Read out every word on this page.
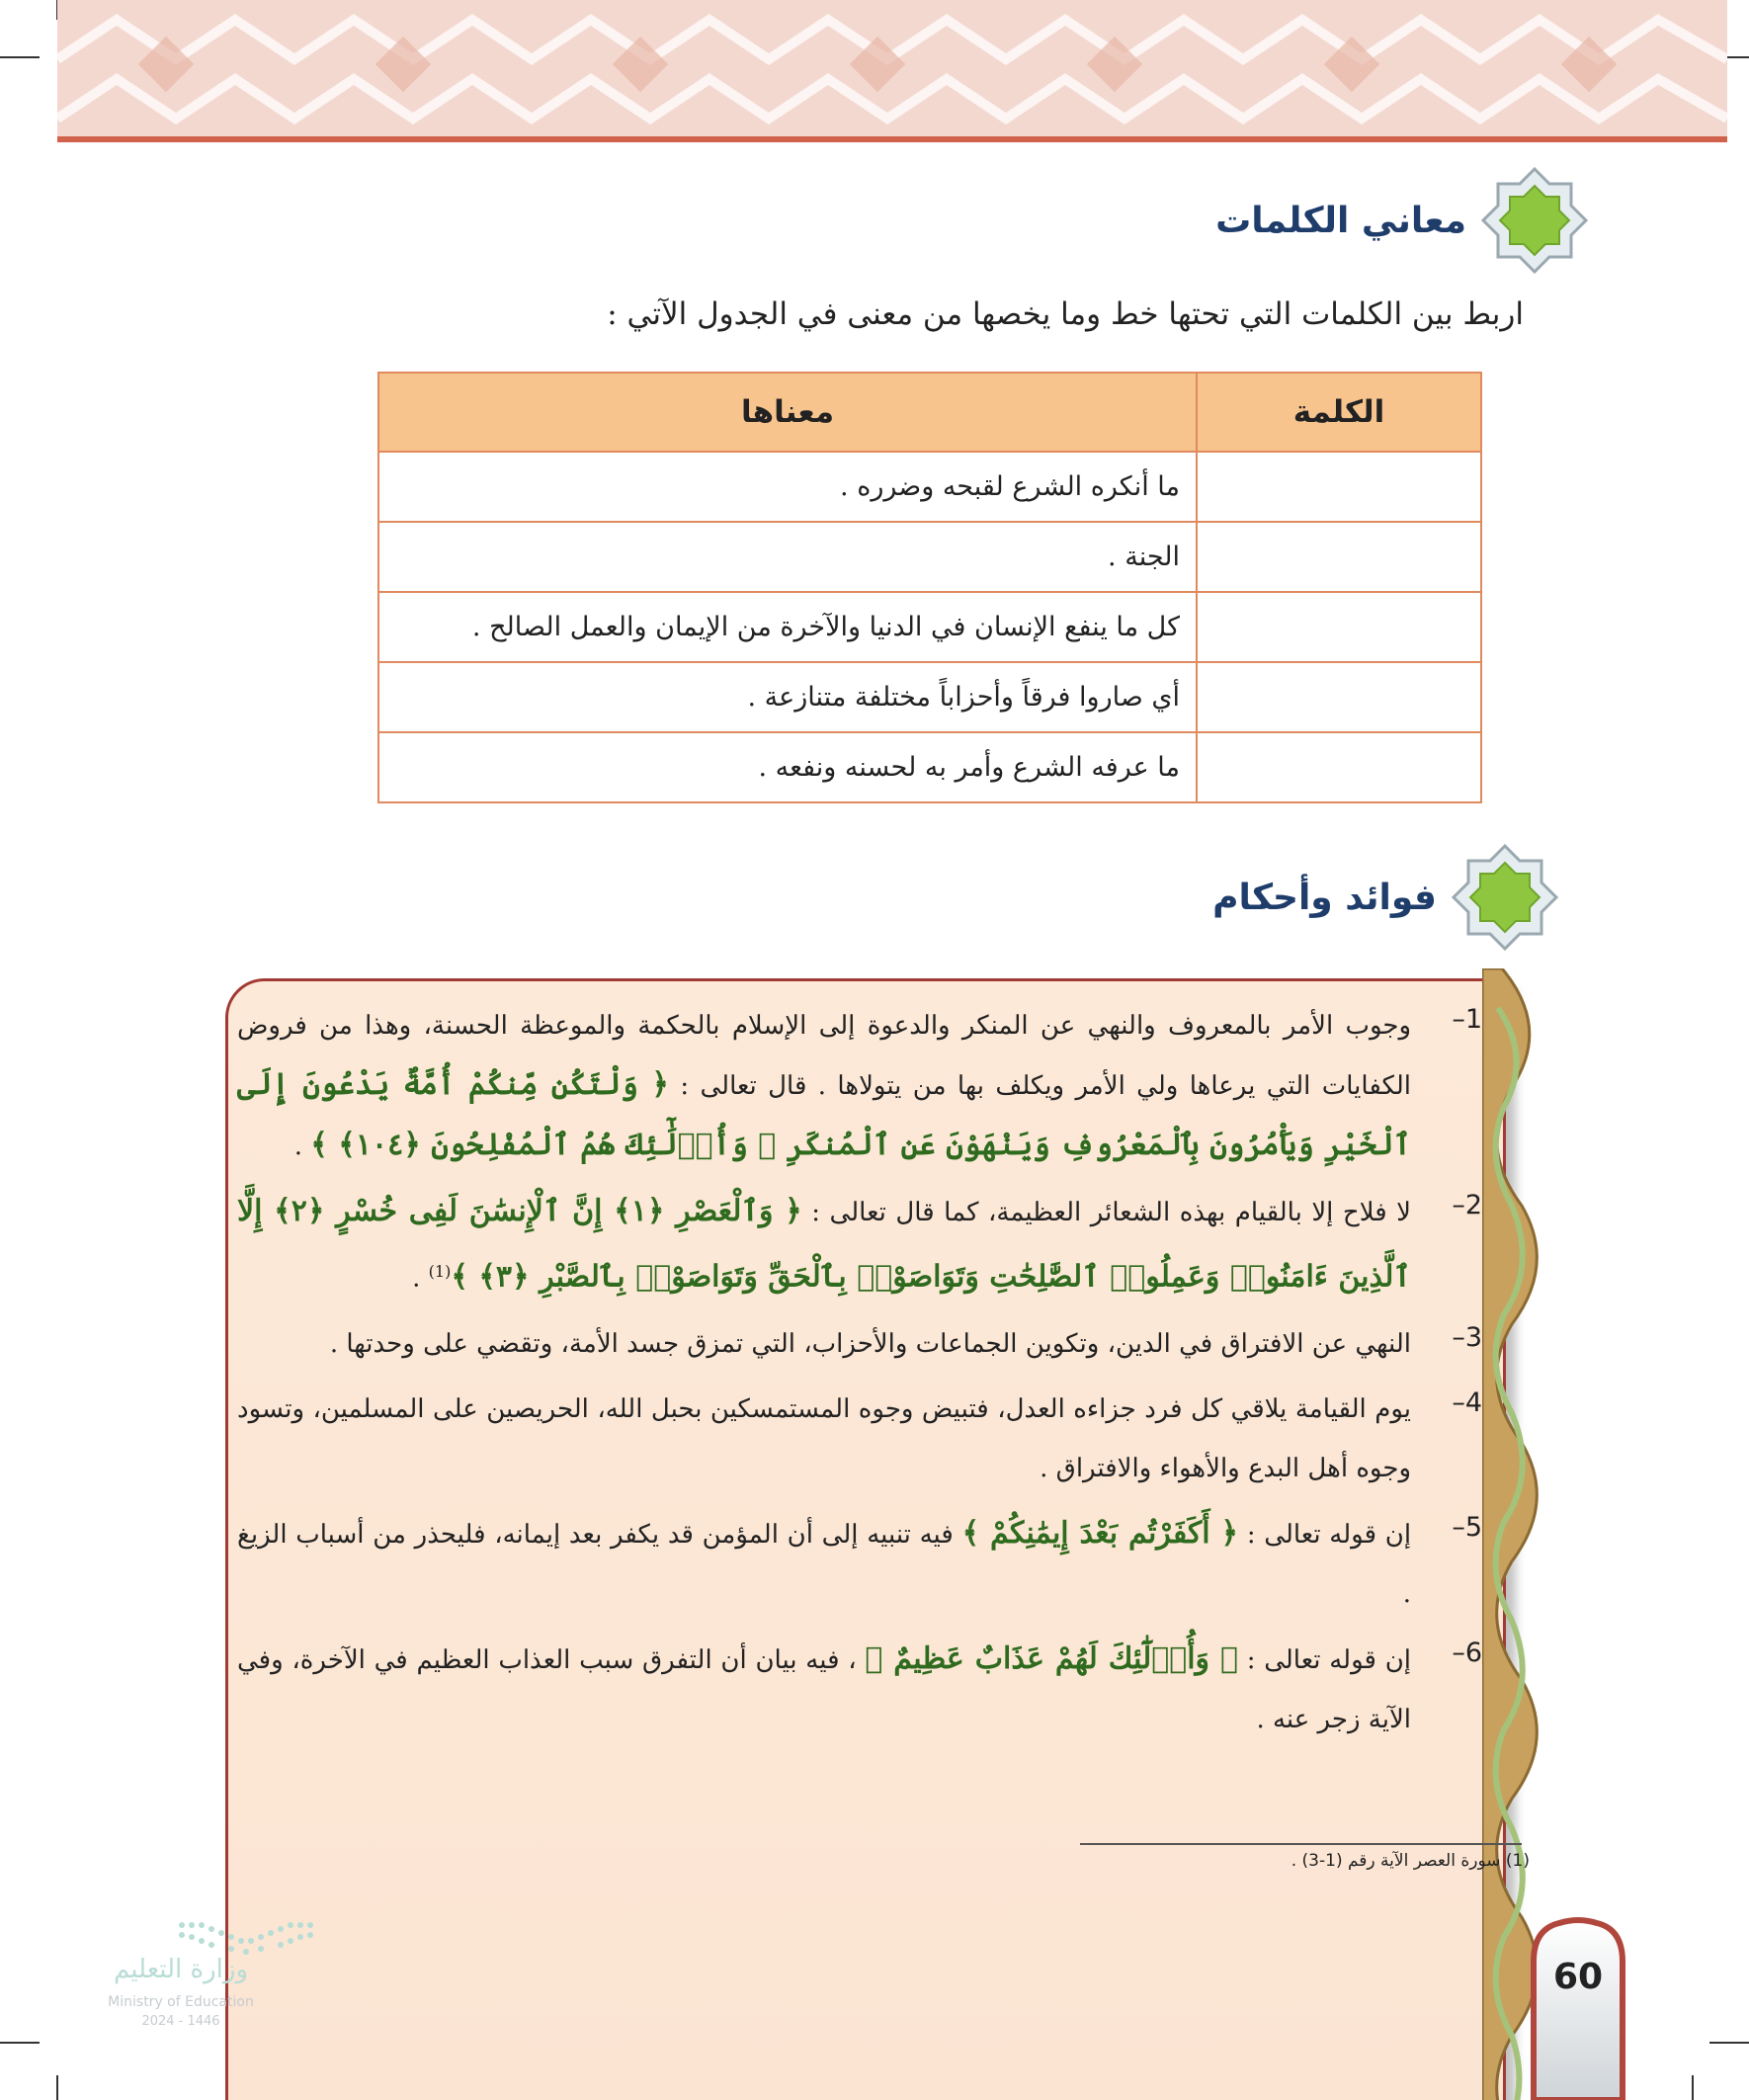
معاني الكلمات
اربط بين الكلمات التي تحتها خط وما يخصها من معنى في الجدول الآتي :
الكلمة	معناها
	ما أنكره الشرع لقبحه وضرره .
	الجنة .
	كل ما ينفع الإنسان في الدنيا والآخرة من الإيمان والعمل الصالح .
	أي صاروا فرقاً وأحزاباً مختلفة متنازعة .
	ما عرفه الشرع وأمر به لحسنه ونفعه .
فوائد وأحكام
1–
وجوب الأمر بالمعروف والنهي عن المنكر والدعوة إلى الإسلام بالحكمة والموعظة الحسنة، وهذا من فروض الكفايات التي يرعاها ولي الأمر ويكلف بها من يتولاها . قال تعالى : ﴿ وَلْتَكُن مِّنكُمْ أُمَّةٌ يَدْعُونَ إِلَى ٱلْخَيْرِ وَيَأْمُرُونَ بِٱلْمَعْرُوفِ وَيَنْهَوْنَ عَنِ ٱلْمُنكَرِ ۚ وَأُو۟لَٰٓئِكَ هُمُ ٱلْمُفْلِحُونَ ﴿١٠٤﴾ ﴾ .
2–
لا فلاح إلا بالقيام بهذه الشعائر العظيمة، كما قال تعالى : ﴿ وَٱلْعَصْرِ ﴿١﴾ إِنَّ ٱلْإِنسَٰنَ لَفِى خُسْرٍ ﴿٢﴾ إِلَّا ٱلَّذِينَ ءَامَنُوا۟ وَعَمِلُوا۟ ٱلصَّٰلِحَٰتِ وَتَوَاصَوْا۟ بِٱلْحَقِّ وَتَوَاصَوْا۟ بِٱلصَّبْرِ ﴿٣﴾ ﴾$^{(1)}$ .
3–
النهي عن الافتراق في الدين، وتكوين الجماعات والأحزاب، التي تمزق جسد الأمة، وتقضي على وحدتها .
4–
يوم القيامة يلاقي كل فرد جزاءه العدل، فتبيض وجوه المستمسكين بحبل الله، الحريصين على المسلمين، وتسود وجوه أهل البدع والأهواء والافتراق .
5–
إن قوله تعالى : ﴿ أَكَفَرْتُم بَعْدَ إِيمَٰنِكُمْ ﴾ فيه تنبيه إلى أن المؤمن قد يكفر بعد إيمانه، فليحذر من أسباب الزيغ .
6–
إن قوله تعالى : ﴿ وَأُو۟لَٰٓئِكَ لَهُمْ عَذَابٌ عَظِيمٌ ﴾ ، فيه بيان أن التفرق سبب العذاب العظيم في الآخرة، وفي الآية زجر عنه .
(1) سورة العصر الآية رقم (1-3) .
وزارة التعليم
Ministry of Education
2024 - 1446
60
